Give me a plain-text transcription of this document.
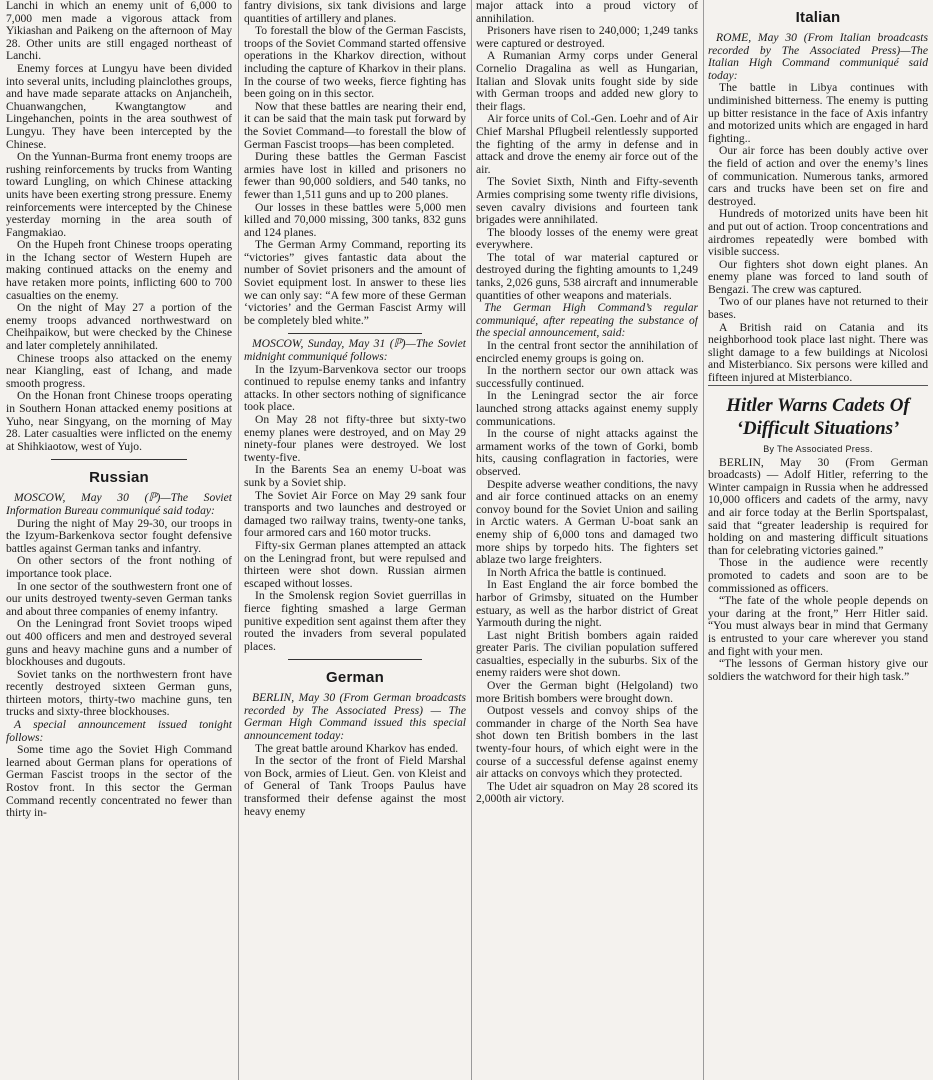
Lanchi in which an enemy unit of 6,000 to 7,000 men made a vigorous attack from Yikiashan and Paikeng on the afternoon of May 28. Other units are still engaged northeast of Lanchi.

Enemy forces at Lungyu have been divided into several units, including plainclothes groups, and have made separate attacks on Anjancheih, Chuanwangchen, Kwangtangtow and Lingehanchen, points in the area southwest of Lungyu. They have been intercepted by the Chinese.

On the Yunnan-Burma front enemy troops are rushing reinforcements by trucks from Wanting toward Lungling, on which Chinese attacking units have been exerting strong pressure. Enemy reinforcements were intercepted by the Chinese yesterday morning in the area south of Fangmakiao.

On the Hupeh front Chinese troops operating in the Ichang sector of Western Hupeh are making continued attacks on the enemy and have retaken more points, inflicting 600 to 700 casualties on the enemy.

On the night of May 27 a portion of the enemy troops advanced northwestward on Cheihpaikow, but were checked by the Chinese and later completely annihilated.

Chinese troops also attacked on the enemy near Kiangling, east of Ichang, and made smooth progress.

On the Honan front Chinese troops operating in Southern Honan attacked enemy positions at Yuho, near Singyang, on the morning of May 28. Later casualties were inflicted on the enemy at Shihkiaotow, west of Yujo.

Russian

MOSCOW, May 30 (ℙ)—The Soviet Information Bureau communiqué said today:

During the night of May 29-30, our troops in the Izyum-Barkenkova sector fought defensive battles against German tanks and infantry.

On other sectors of the front nothing of importance took place.

In one sector of the southwestern front one of our units destroyed twenty-seven German tanks and about three companies of enemy infantry.

On the Leningrad front Soviet troops wiped out 400 officers and men and destroyed several guns and heavy machine guns and a number of blockhouses and dugouts.

Soviet tanks on the northwestern front have recently destroyed sixteen German guns, thirteen motors, thirty-two machine guns, ten trucks and sixty-three blockhouses.

A special announcement issued tonight follows:

Some time ago the Soviet High Command learned about German plans for operations of German Fascist troops in the sector of the Rostov front. In this sector the German Command recently concentrated no fewer than thirty in-

fantry divisions, six tank divisions and large quantities of artillery and planes.

To forestall the blow of the German Fascists, troops of the Soviet Command started offensive operations in the Kharkov direction, without including the capture of Kharkov in their plans. In the course of two weeks, fierce fighting has been going on in this sector.

Now that these battles are nearing their end, it can be said that the main task put forward by the Soviet Command—to forestall the blow of German Fascist troops—has been completed.

During these battles the German Fascist armies have lost in killed and prisoners no fewer than 90,000 soldiers, and 540 tanks, no fewer than 1,511 guns and up to 200 planes.

Our losses in these battles were 5,000 men killed and 70,000 missing, 300 tanks, 832 guns and 124 planes.

The German Army Command, reporting its “victories” gives fantastic data about the number of Soviet prisoners and the amount of Soviet equipment lost. In answer to these lies we can only say: “A few more of these German ‘victories’ and the German Fascist Army will be completely bled white.”

MOSCOW, Sunday, May 31 (ℙ)—The Soviet midnight communiqué follows:

In the Izyum-Barvenkova sector our troops continued to repulse enemy tanks and infantry attacks. In other sectors nothing of significance took place.

On May 28 not fifty-three but sixty-two enemy planes were destroyed, and on May 29 ninety-four planes were destroyed. We lost twenty-five.

In the Barents Sea an enemy U-boat was sunk by a Soviet ship.

The Soviet Air Force on May 29 sank four transports and two launches and destroyed or damaged two railway trains, twenty-one tanks, four armored cars and 160 motor trucks.

Fifty-six German planes attempted an attack on the Leningrad front, but were repulsed and thirteen were shot down. Russian airmen escaped without losses.

In the Smolensk region Soviet guerrillas in fierce fighting smashed a large German punitive expedition sent against them after they routed the invaders from several populated places.

German

BERLIN, May 30 (From German broadcasts recorded by The Associated Press) — The German High Command issued this special announcement today:

The great battle around Kharkov has ended.

In the sector of the front of Field Marshal von Bock, armies of Lieut. Gen. von Kleist and of General of Tank Troops Paulus have transformed their defense against the most heavy enemy

major attack into a proud victory of annihilation.

Prisoners have risen to 240,000; 1,249 tanks were captured or destroyed.

A Rumanian Army corps under General Cornelio Dragalina as well as Hungarian, Italian and Slovak units fought side by side with German troops and added new glory to their flags.

Air force units of Col.-Gen. Loehr and of Air Chief Marshal Pflugbeil relentlessly supported the fighting of the army in defense and in attack and drove the enemy air force out of the air.

The Soviet Sixth, Ninth and Fifty-seventh Armies comprising some twenty rifle divisions, seven cavalry divisions and fourteen tank brigades were annihilated.

The bloody losses of the enemy were great everywhere.

The total of war material captured or destroyed during the fighting amounts to 1,249 tanks, 2,026 guns, 538 aircraft and innumerable quantities of other weapons and materials.

The German High Command’s regular communiqué, after repeating the substance of the special announcement, said:

In the central front sector the annihilation of encircled enemy groups is going on.

In the northern sector our own attack was successfully continued.

In the Leningrad sector the air force launched strong attacks against enemy supply communications.

In the course of night attacks against the armament works of the town of Gorki, bomb hits, causing conflagration in factories, were observed.

Despite adverse weather conditions, the navy and air force continued attacks on an enemy convoy bound for the Soviet Union and sailing in Arctic waters. A German U-boat sank an enemy ship of 6,000 tons and damaged two more ships by torpedo hits. The fighters set ablaze two large freighters.

In North Africa the battle is continued.

In East England the air force bombed the harbor of Grimsby, situated on the Humber estuary, as well as the harbor district of Great Yarmouth during the night.

Last night British bombers again raided greater Paris. The civilian population suffered casualties, especially in the suburbs. Six of the enemy raiders were shot down.

Over the German bight (Helgoland) two more British bombers were brought down.

Outpost vessels and convoy ships of the commander in charge of the North Sea have shot down ten British bombers in the last twenty-four hours, of which eight were in the course of a successful defense against enemy air attacks on convoys which they protected.

The Udet air squadron on May 28 scored its 2,000th air victory.

Italian

ROME, May 30 (From Italian broadcasts recorded by The Associated Press)—The Italian High Command communiqué said today:

The battle in Libya continues with undiminished bitterness. The enemy is putting up bitter resistance in the face of Axis infantry and motorized units which are engaged in hard fighting..

Our air force has been doubly active over the field of action and over the enemy’s lines of communication. Numerous tanks, armored cars and trucks have been set on fire and destroyed.

Hundreds of motorized units have been hit and put out of action. Troop concentrations and airdromes repeatedly were bombed with visible success.

Our fighters shot down eight planes. An enemy plane was forced to land south of Bengazi. The crew was captured.

Two of our planes have not returned to their bases.

A British raid on Catania and its neighborhood took place last night. There was slight damage to a few buildings at Nicolosi and Misterbianco. Six persons were killed and fifteen injured at Misterbianco.

Hitler Warns Cadets Of ‘Difficult Situations’
By The Associated Press.

BERLIN, May 30 (From German broadcasts) — Adolf Hitler, referring to the Winter campaign in Russia when he addressed 10,000 officers and cadets of the army, navy and air force today at the Berlin Sportspalast, said that “greater leadership is required for holding on and mastering difficult situations than for celebrating victories gained.”

Those in the audience were recently promoted to cadets and soon are to be commissioned as officers.

“The fate of the whole people depends on your daring at the front,” Herr Hitler said. “You must always bear in mind that Germany is entrusted to your care wherever you stand and fight with your men.

“The lessons of German history give our soldiers the watchword for their high task.”
